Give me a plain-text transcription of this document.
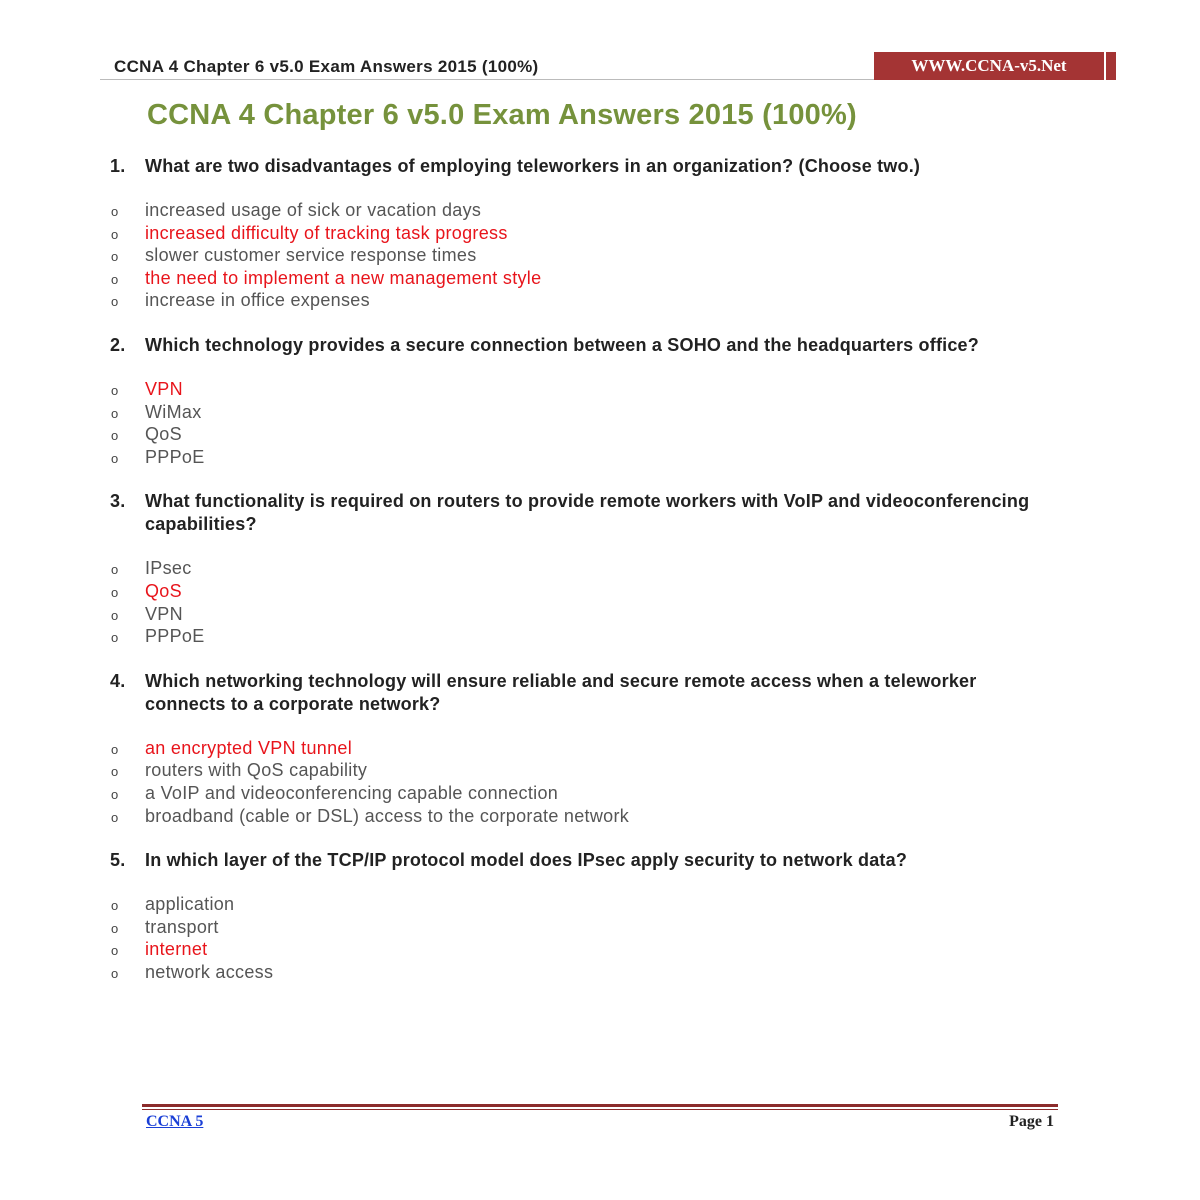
CCNA 4 Chapter 6 v5.0 Exam Answers 2015 (100%)	WWW.CCNA-v5.Net
CCNA 4 Chapter 6 v5.0 Exam Answers 2015 (100%)
1. What are two disadvantages of employing teleworkers in an organization? (Choose two.)
o increased usage of sick or vacation days
o increased difficulty of tracking task progress
o slower customer service response times
o the need to implement a new management style
o increase in office expenses
2. Which technology provides a secure connection between a SOHO and the headquarters office?
o VPN
o WiMax
o QoS
o PPPoE
3. What functionality is required on routers to provide remote workers with VoIP and videoconferencing capabilities?
o IPsec
o QoS
o VPN
o PPPoE
4. Which networking technology will ensure reliable and secure remote access when a teleworker connects to a corporate network?
o an encrypted VPN tunnel
o routers with QoS capability
o a VoIP and videoconferencing capable connection
o broadband (cable or DSL) access to the corporate network
5. In which layer of the TCP/IP protocol model does IPsec apply security to network data?
o application
o transport
o internet
o network access
CCNA 5	Page 1
